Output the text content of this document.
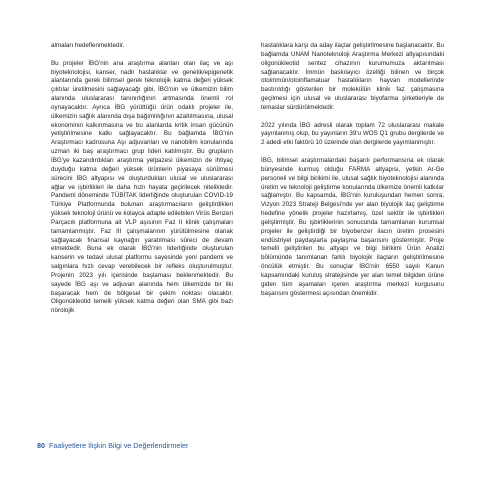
almaları hedeflenmektedir.

Bu projeler İBG'nin ana araştırma alanları olan ilaç ve aşı biyoteknolojisi, kanser, nadir hastalıklar ve genetik/epigenetik alanlarında gerek bilimsel gerek teknolojik katma değeri yüksek çıktılar üretilmesini sağlayacağı gibi, İBG'nin ve ülkemizin bilim alanında uluslararası tanınırlığının artmasında önemli rol oynayacaktır. Ayrıca İBG yürüttüğü ürün odaklı projeler ile, ülkemizin sağlık alanında dışa bağımlılığının azaltılmasına, ulusal ekonominin kalkınmasına ve bu alanlarda kritik insan gücünün yetiştirilmesine katkı sağlayacaktır. Bu bağlamda İBG'nin Araştırmacı kadrosuna Aşı adjuvanları ve nanobilim konularında uzman iki baş araştırmacı grup lideri katılmıştır. Bu grupların İBG'ye kazandırdıkları araştırma yelpazesi ülkemizin de ihtiyaç duyduğu katma değeri yüksek ürünlerin piyasaya sürülmesi sürecini İBG altyapısı ve oluşturdukları ulusal ve uluslararası ağlar ve işbirlikleri ile daha hızlı hayata geçirilecek niteliktedir. Pandemi döneminde TÜBİTAK liderliğinde oluşturulan COVID-19 Türkiye Platformunda bulunan araştırmacıların geliştirdikleri yüksek teknoloji ürünü ve kolayca adapte edilebilen Virüs Benzeri Parçacık platformuna ait VLP aşısının Faz II klinik çalışmaları tamamlanmıştır. Faz III çalışmalarının yürütülmesine olanak sağlayacak finansal kaynağın yaratılması süreci de devam etmektedir. Buna ek olarak İBG'nin liderliğinde oluşturulan kanserin ve tedavi ulusal platformu sayesinde yeni pandemi ve salgınlara hızlı cevap verebilecek bir refleks oluşturulmuştur. Projenin 2023 yılı içerisinde başlaması beklenmektedir. Bu sayede İBG aşı ve adjuvan alanında hem ülkemizde bir ilki başaracak hem de bölgesel bir çekim noktası olacaktır. Oligonükleotid temelli yüksek katma değeri olan SMA gibi bazı nörolojik

hastalıklara karşı da aday ilaçlar geliştirilmesine başlanacaktır. Bu bağlamda UNAM Nanoteknoloji Araştırma Merkezi altyapısındaki oligonükleotid sentez cihazının kurumumuza aktarılması sağlanacaktır. İmmün baskılayıcı özelliği bilinen ve birçok otoimmün/otoinflamatuar hastalıkların hayvan modellerinde bastırıldığı gösterilen bir molekülün klinik faz çalışmasına geçilmesi için ulusal ve uluslararası biyofarma şirketleriyle de temaslar sürdürülmektedir.

2022 yılında İBG adresli olarak toplam 72 uluslararası makale yayınlanmış olup, bu yayınların 39'u WOS Q1 grubu dergilerde ve 2 adedi etki faktörü 10 üzerinde olan dergilerde yayımlanmıştır.

İBG, bilimsel araştırmalardaki başarılı performansına ek olarak bünyesinde kurmuş olduğu FARMA altyapısı, yetkin Ar-Ge personeli ve bilgi birikimi ile, ulusal sağlık biyoteknolojisi alanında üretim ve teknoloji geliştirme konularında ülkemize önemli katkılar sağlamıştır. Bu kapsamda, İBG'nin kuruluşundan hemen sonra, Vizyon 2023 Strateji Belgesi'nde yer alan biyolojik ilaç geliştirme hedefine yönelik projeler hazırlamış, özel sektör ile işbirlikleri geliştirmiştir. Bu işbirliklerinin sonucunda tamamlanan kurumsal projeler ile geliştirdiği bir biyobenzer ilacın üretim prosesini endüstriyel paydaşlarla paylaşma başarısını göstermiştir. Proje temelli geliştirilen bu altyapı ve bilgi birikimi Ürün Analizi bölümünde tanımlanan farklı biyolojik ilaçların geliştirilmesine öncülük etmiştir. Bu sonuçlar İBG'nin 6550 sayılı Kanun kapsamındaki kuruluş stratejisinde yer alan temel bilgiden ürüne giden tüm aşamaları içeren araştırma merkezi kurgusunu başarısını göstermesi açısından önemlidir.

80 Faaliyetlere İlişkin Bilgi ve Değerlendirmeler
